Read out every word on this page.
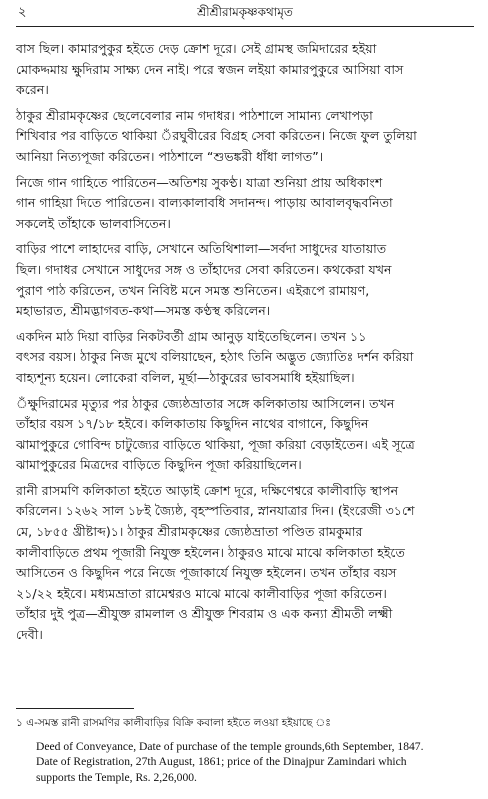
২	শ্রীশ্রীরামকৃষ্ণকথামৃত

বাস ছিল। কামারপুকুর হইতে দেড় ক্রোশ দূরে। সেই গ্রামস্থ জমিদারের হইয়া
মোকদ্দমায় ক্ষুদিরাম সাক্ষ্য দেন নাই। পরে স্বজন লইয়া কামারপুকুরে আসিয়া বাস
করেন।

ঠাকুর শ্রীরামকৃষ্ণের ছেলেবেলার নাম গদাধর। পাঠশালে সামান্য লেখাপড়া
শিখিবার পর বাড়িতে থাকিয়া ঁরঘুবীরের বিগ্রহ সেবা করিতেন। নিজে ফুল তুলিয়া
আনিয়া নিত্যপূজা করিতেন। পাঠশালে “শুভঙ্করী ধাঁধা লাগত”।

নিজে গান গাহিতে পারিতেন—অতিশয় সুকণ্ঠ। যাত্রা শুনিয়া প্রায় অধিকাংশ
গান গাহিয়া দিতে পারিতেন। বাল্যকালাবধি সদানন্দ। পাড়ায় আবালবৃদ্ধবনিতা
সকলেই তাঁহাকে ভালবাসিতেন।

বাড়ির পাশে লাহাদের বাড়ি, সেখানে অতিথিশালা—সর্বদা সাধুদের যাতায়াত
ছিল। গদাধর সেখানে সাধুদের সঙ্গ ও তাঁহাদের সেবা করিতেন। কথকেরা যখন
পুরাণ পাঠ করিতেন, তখন নিবিষ্ট মনে সমস্ত শুনিতেন। এইরূপে রামায়ণ,
মহাভারত, শ্রীমদ্ভাগবত-কথা—সমস্ত কণ্ঠস্থ করিলেন।

একদিন মাঠ দিয়া বাড়ির নিকটবর্তী গ্রাম আনুড় যাইতেছিলেন। তখন ১১
বৎসর বয়স। ঠাকুর নিজ মুখে বলিয়াছেন, হঠাৎ তিনি অদ্ভুত জ্যোতিঃ দর্শন করিয়া
বাহ্যশূন্য হয়েন। লোকেরা বলিল, মূর্ছা—ঠাকুরের ভাবসমাধি হইয়াছিল।

ঁক্ষুদিরামের মৃত্যুর পর ঠাকুর জ্যেষ্ঠভ্রাতার সঙ্গে কলিকাতায় আসিলেন। তখন
তাঁহার বয়স ১৭/১৮ হইবে। কলিকাতায় কিছুদিন নাথের বাগানে, কিছুদিন
ঝামাপুকুরে গোবিন্দ চাটুজ্যের বাড়িতে থাকিয়া, পূজা করিয়া বেড়াইতেন। এই সূত্রে
ঝামাপুকুরের মিত্রদের বাড়িতে কিছুদিন পূজা করিয়াছিলেন।

রানী রাসমণি কলিকাতা হইতে আড়াই ক্রোশ দূরে, দক্ষিণেশ্বরে কালীবাড়ি স্থাপন
করিলেন। ১২৬২ সাল ১৮ই জ্যৈষ্ঠ, বৃহস্পতিবার, স্নানযাত্রার দিন। (ইংরেজী ৩১শে
মে, ১৮৫৫ খ্রীষ্টাব্দ)১। ঠাকুর শ্রীরামকৃষ্ণের জ্যেষ্ঠভ্রাতা পণ্ডিত রামকুমার
কালীবাড়িতে প্রথম পূজারী নিযুক্ত হইলেন। ঠাকুরও মাঝে মাঝে কলিকাতা হইতে
আসিতেন ও কিছুদিন পরে নিজে পূজাকার্যে নিযুক্ত হইলেন। তখন তাঁহার বয়স
২১/২২ হইবে। মধ্যমভ্রাতা রামেশ্বরও মাঝে মাঝে কালীবাড়ির পূজা করিতেন।
তাঁহার দুই পুত্র—শ্রীযুক্ত রামলাল ও শ্রীযুক্ত শিবরাম ও এক কন্যা শ্রীমতী লক্ষ্মী
দেবী।

১ এ-সমস্ত রানী রাসমণির কালীবাড়ির বিক্রি কবালা হইতে লওয়া হইয়াছে ঃ

Deed of Conveyance, Date of purchase of the temple grounds,6th September, 1847.
Date of Registration, 27th August, 1861; price of the Dinajpur Zamindari which
supports the Temple, Rs. 2,26,000.
